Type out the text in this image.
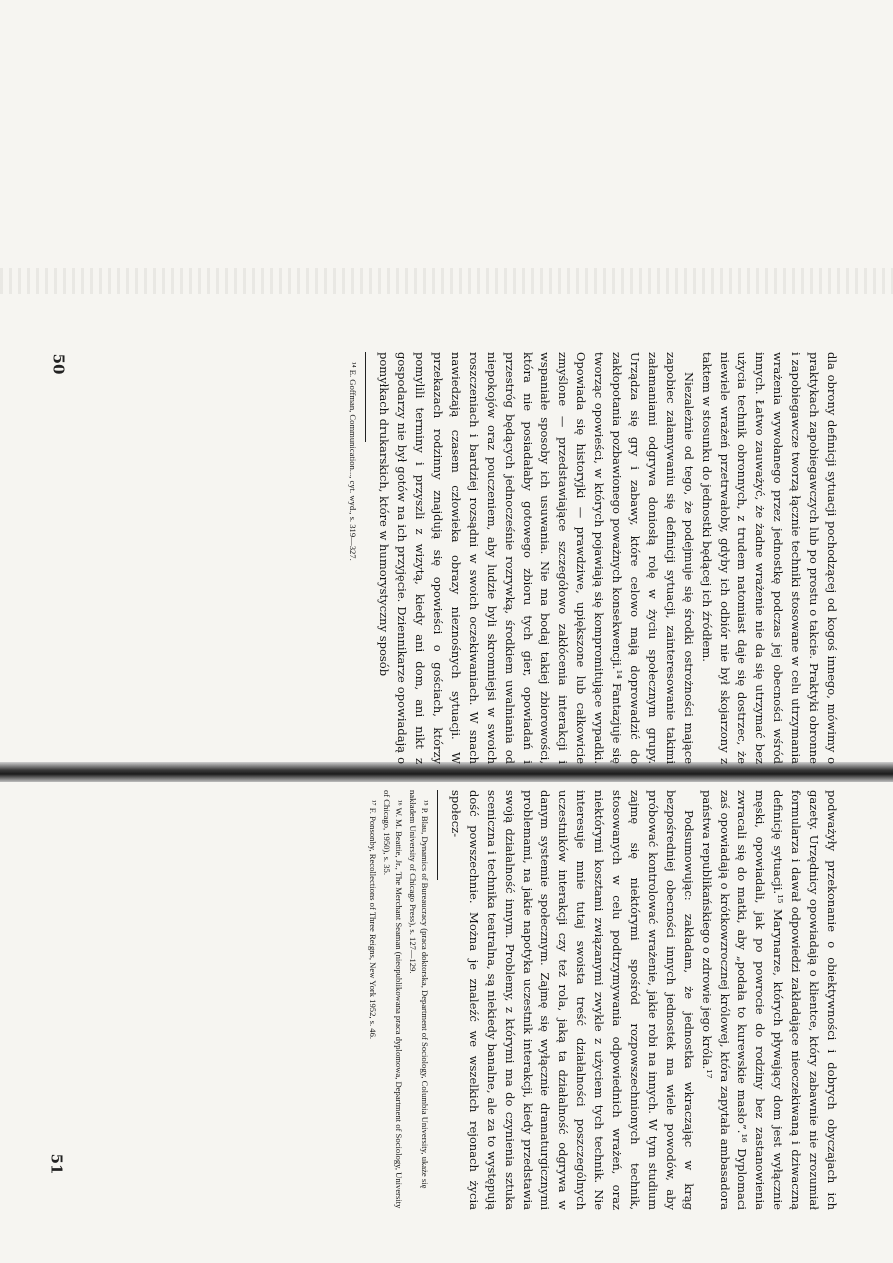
50
51

dla obrony definicji sytuacji pochodzącej od kogoś innego, mówimy o praktykach zapobiegawczych lub po prostu o takcie. Praktyki obronne i zapobiegawcze tworzą łącznie techniki stosowane w celu utrzymania wrażenia wywołanego przez jednostkę podczas jej obecności wśród innych. Łatwo zauważyć, że żadne wrażenie nie da się utrzymać bez użycia technik obronnych, z trudem natomiast daje się dostrzec, że niewiele wrażeń przetrwałoby, gdyby ich odbiór nie był skojarzony z taktem w stosunku do jednostki będącej ich źródłem.

Niezależnie od tego, że podejmuje się środki ostrożności mające zapobiec załamywaniu się definicji sytuacji, zainteresowanie takimi załamaniami odgrywa doniosłą rolę w życiu społecznym grupy. Urządza się gry i zabawy, które celowo mają doprowadzić do zakłopotania pozbawionego poważnych konsekwencji.¹⁴ Fantazjuje się tworząc opowieści, w których pojawiają się kompromitujące wypadki. Opowiada się historyjki — prawdziwe, upiększone lub całkowicie zmyślone — przedstawiające szczegółowo zakłócenia interakcji i wspaniałe sposoby ich usuwania. Nie ma bodaj takiej zbiorowości, która nie posiadałaby gotowego zbioru tych gier, opowiadań i przestróg będących jednocześnie rozrywką, środkiem uwalniania od niepokojów oraz pouczeniem, aby ludzie byli skromniejsi w swoich roszczeniach i bardziej rozsądni w swoich oczekiwaniach. W snach nawiedzają czasem człowieka obrazy nieznośnych sytuacji. W przekazach rodzinny znajdują się opowieści o gościach, którzy pomylili terminy i przyszli z wizytą, kiedy ani dom, ani nikt z gospodarzy nie był gotów na ich przyjęcie. Dziennikarze opowiadają o pomyłkach drukarskich, które w humorystyczny sposób

¹⁴ E. Goffman, Communication..., cyt. wyd., s. 319—327.

podważyły przekonanie o obiektywności i dobrych obyczajach ich gazety. Urzędnicy opowiadają o klientce, który zabawnie nie zrozumiał formularza i dawał odpowiedzi zakładające nieoczekiwaną i dziwaczną definicję sytuacji.¹⁵ Marynarze, których pływający dom jest wyłącznie męski, opowiadali, jak po powrocie do rodziny bez zastanowienia zwracali się do matki, aby „podała to kurewskie masło”.¹⁶ Dyplomaci zaś opowiadają o krótkowzrocznej królowej, która zapytała ambasadora państwa republikańskiego o zdrowie jego króla.¹⁷

Podsumowując: zakładam, że jednostka wkraczając w krąg bezpośredniej obecności innych jednostek ma wiele powodów, aby próbować kontrolować wrażenie, jakie robi na innych. W tym studium zajmę się niektórymi spośród rozpowszechnionych technik, stosowanych w celu podtrzymywania odpowiednich wrażeń, oraz niektórymi kosztami związanymi zwykle z użyciem tych technik. Nie interesuje mnie tutaj swoista treść działalności poszczególnych uczestników interakcji czy też rola, jaką ta działalność odgrywa w danym systemie społecznym. Zajmę się wyłącznie dramaturgicznymi problemami, na jakie napotyka uczestnik interakcji, kiedy przedstawia swoją działalność innym. Problemy, z którymi ma do czynienia sztuka sceniczna i technika teatralna, są niekiedy banalne, ale za to występują dość powszechnie. Można je znaleźć we wszelkich rejonach życia społecz-

¹⁵ P. Blau, Dynamics of Bureaucracy (praca doktorska, Department of Sociology, Columbia University, ukaże się nakładem University of Chicago Press), s. 127—129.
¹⁶ W. M. Beattie, Jr., The Merchant Seaman (nieopublikowana praca dyplomowa, Department of Sociology, University of Chicago, 1950), s. 35.
¹⁷ F. Ponsonby, Recollections of Three Reigns, New York 1952, s. 46.
